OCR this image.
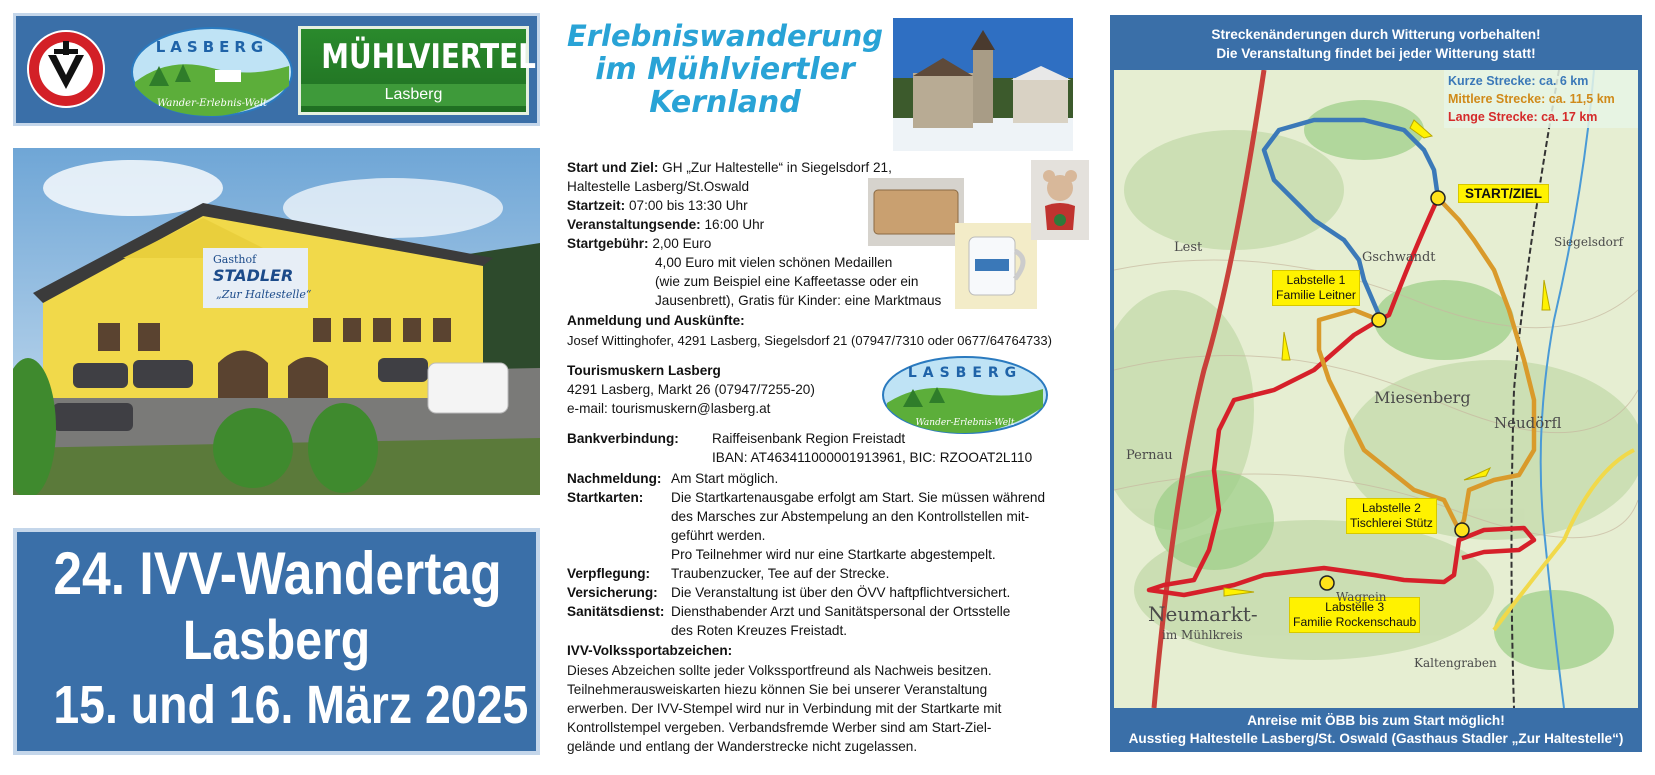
LASBERG
Wander-Erlebnis-Welt
MÜHLVIERTEL
Lasberg
Gasthof
STADLER
„Zur Haltestelle“
24. IVV-Wandertag
Lasberg
15. und 16. März 2025
Erlebniswanderung
im Mühlviertler
Kernland
LASBERG
Wander-Erlebnis-Welt
Start und Ziel: GH „Zur Haltestelle“ in Siegelsdorf 21,
Haltestelle Lasberg/St.Oswald
Startzeit: 07:00 bis 13:30 Uhr
Veranstaltungsende: 16:00 Uhr
Startgebühr: 2,00 Euro
4,00 Euro mit vielen schönen Medaillen
(wie zum Beispiel eine Kaffeetasse oder ein
Jausenbrett), Gratis für Kinder: eine Marktmaus
Anmeldung und Auskünfte:
Josef Wittinghofer, 4291 Lasberg, Siegelsdorf 21 (07947/7310 oder 0677/64764733)
Tourismuskern Lasberg
4291 Lasberg, Markt 26 (07947/7255-20)
e-mail: tourismuskern@lasberg.at
Bankverbindung: Raiffeisenbank Region Freistadt
IBAN: AT463411000001913961, BIC: RZOOAT2L110
Nachmeldung: Am Start möglich.
Startkarten: Die Startkartenausgabe erfolgt am Start. Sie müssen während
des Marsches zur Abstempelung an den Kontrollstellen mit-
geführt werden.
Pro Teilnehmer wird nur eine Startkarte abgestempelt.
Verpflegung: Traubenzucker, Tee auf der Strecke.
Versicherung: Die Veranstaltung ist über den ÖVV haftpflichtversichert.
Sanitätsdienst: Diensthabender Arzt und Sanitätspersonal der Ortsstelle
des Roten Kreuzes Freistadt.
IVV-Volkssportabzeichen:
Dieses Abzeichen sollte jeder Volkssportfreund als Nachweis besitzen.
Teilnehmerausweiskarten hiezu können Sie bei unserer Veranstaltung
erwerben. Der IVV-Stempel wird nur in Verbindung mit der Startkarte mit
Kontrollstempel vergeben. Verbandsfremde Werber sind am Start-Ziel-
gelände und entlang der Wanderstrecke nicht zugelassen.
Streckenänderungen durch Witterung vorbehalten!
Die Veranstaltung findet bei jeder Witterung statt!
Kurze Strecke: ca. 6 km
Mittlere Strecke: ca. 11,5 km
Lange Strecke: ca. 17 km
START/ZIEL
Labstelle 1
Familie Leitner
Labstelle 2
Tischlerei Stütz
Labstelle 3
Familie Rockenschaub
Neumarkt-
im Mühlkreis
Miesenberg
Neudörfl
Siegelsdorf
Gschwandt
Wagrein
Kaltengraben
Pernau
Lest
Anreise mit ÖBB bis zum Start möglich!
Ausstieg Haltestelle Lasberg/St. Oswald (Gasthaus Stadler „Zur Haltestelle“)
